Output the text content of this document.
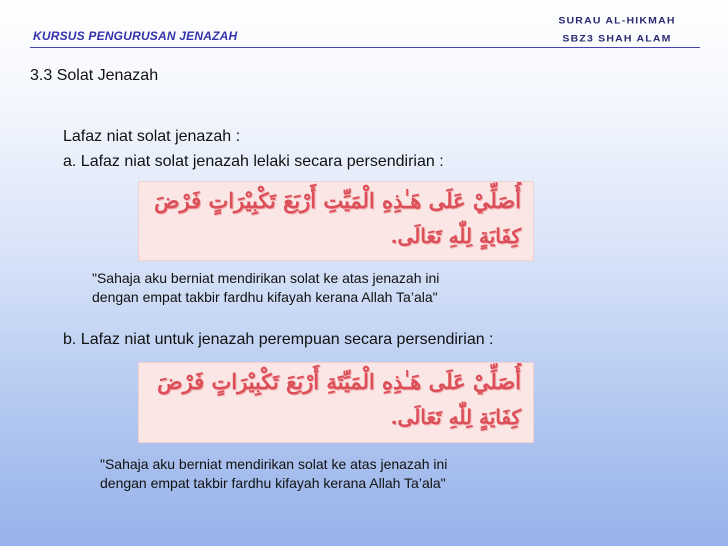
KURSUS PENGURUSAN JENAZAH
SURAU AL-HIKMAH
SBZ3 SHAH ALAM
3.3 Solat Jenazah
Lafaz niat solat jenazah :
a. Lafaz niat solat jenazah lelaki secara persendirian :
أُصَلِّيْ عَلَى هَـٰذِهِ الْمَيِّتِ أَرْبَعَ تَكْبِيْرَاتٍ فَرْضَ
كِفَايَةٍ لِلّٰهِ تَعَالَى.
"Sahaja aku berniat mendirikan solat ke atas jenazah ini
dengan empat takbir fardhu kifayah kerana Allah Ta’ala"
b. Lafaz niat untuk jenazah perempuan secara persendirian :
أُصَلِّيْ عَلَى هَـٰذِهِ الْمَيِّتَةِ أَرْبَعَ تَكْبِيْرَاتٍ فَرْضَ
كِفَايَةٍ لِلّٰهِ تَعَالَى.
"Sahaja aku berniat mendirikan solat ke atas jenazah ini
dengan empat takbir fardhu kifayah kerana Allah Ta’ala"
